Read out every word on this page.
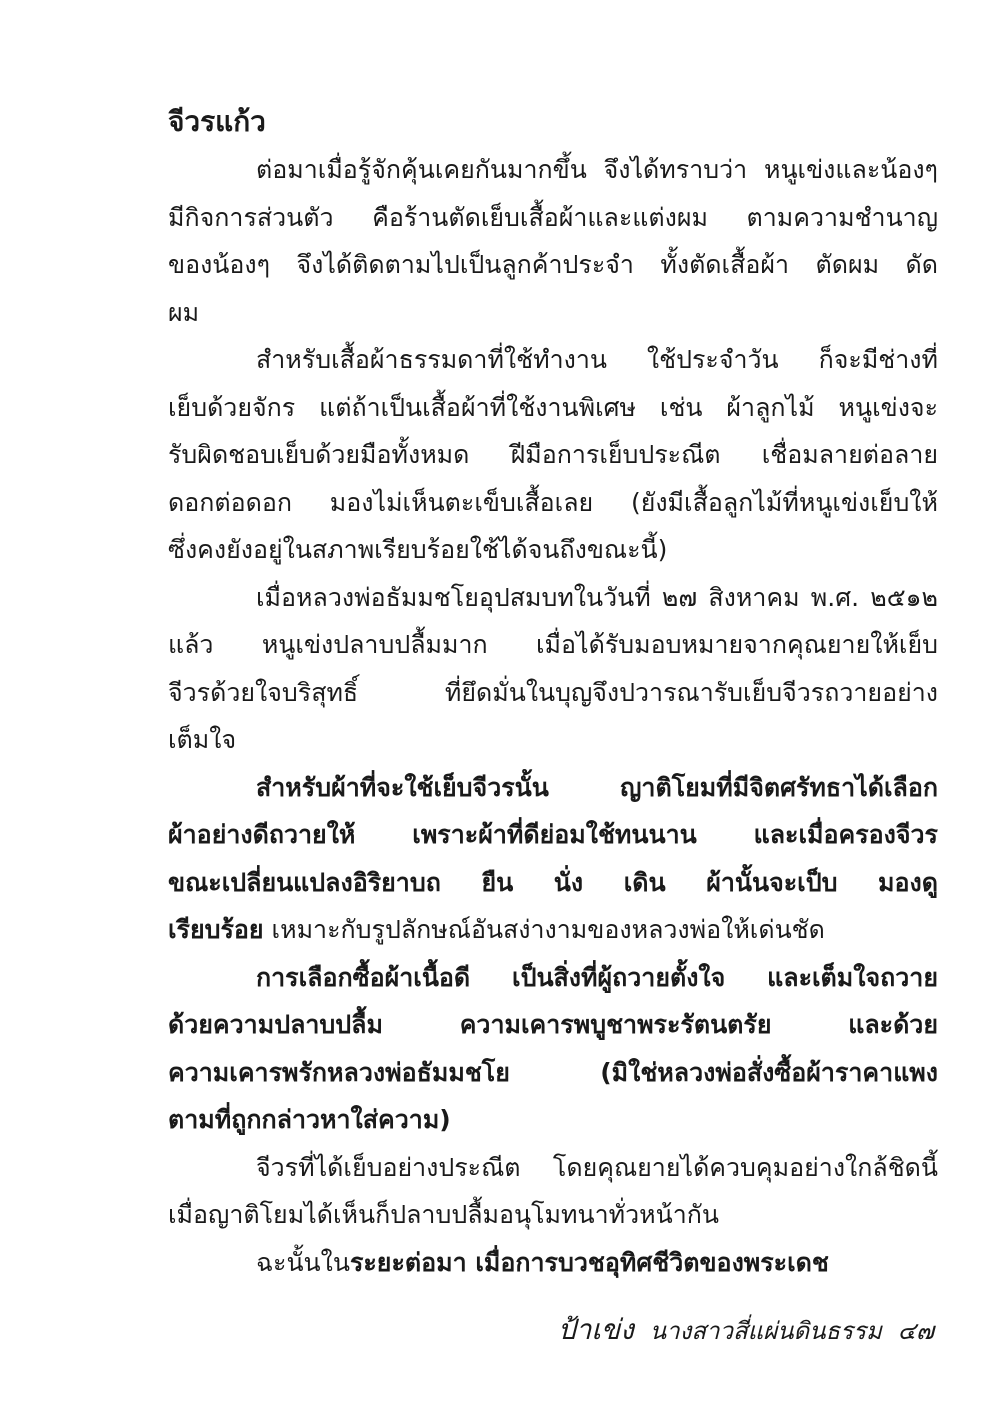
จีวรแก้ว

ต่อมาเมื่อรู้จักคุ้นเคยกันมากขึ้น จึงได้ทราบว่า หนูเข่งและน้องๆ
มีกิจการส่วนตัว คือร้านตัดเย็บเสื้อผ้าและแต่งผม ตามความชำนาญ
ของน้องๆ จึงได้ติดตามไปเป็นลูกค้าประจำ ทั้งตัดเสื้อผ้า ตัดผม ดัด
ผม

สำหรับเสื้อผ้าธรรมดาที่ใช้ทำงาน ใช้ประจำวัน ก็จะมีช่างที่
เย็บด้วยจักร แต่ถ้าเป็นเสื้อผ้าที่ใช้งานพิเศษ เช่น ผ้าลูกไม้ หนูเข่งจะ
รับผิดชอบเย็บด้วยมือทั้งหมด ฝีมือการเย็บประณีต เชื่อมลายต่อลาย
ดอกต่อดอก มองไม่เห็นตะเข็บเสื้อเลย (ยังมีเสื้อลูกไม้ที่หนูเข่งเย็บให้
ซึ่งคงยังอยู่ในสภาพเรียบร้อยใช้ได้จนถึงขณะนี้)

เมื่อหลวงพ่อธัมมชโยอุปสมบทในวันที่ ๒๗ สิงหาคม พ.ศ. ๒๕๑๒
แล้ว หนูเข่งปลาบปลื้มมาก เมื่อได้รับมอบหมายจากคุณยายให้เย็บ
จีวรด้วยใจบริสุทธิ์ ที่ยึดมั่นในบุญจึงปวารณารับเย็บจีวรถวายอย่าง
เต็มใจ

สำหรับผ้าที่จะใช้เย็บจีวรนั้น ญาติโยมที่มีจิตศรัทธาได้เลือก
ผ้าอย่างดีถวายให้ เพราะผ้าที่ดีย่อมใช้ทนนาน และเมื่อครองจีวร
ขณะเปลี่ยนแปลงอิริยาบถ ยืน นั่ง เดิน ผ้านั้นจะเป็บ มองดู
เรียบร้อย เหมาะกับรูปลักษณ์อันสง่างามของหลวงพ่อให้เด่นชัด

การเลือกซื้อผ้าเนื้อดี เป็นสิ่งที่ผู้ถวายตั้งใจ และเต็มใจถวาย
ด้วยความปลาบปลื้ม ความเคารพบูชาพระรัตนตรัย และด้วย
ความเคารพรักหลวงพ่อธัมมชโย (มิใช่หลวงพ่อสั่งซื้อผ้าราคาแพง
ตามที่ถูกกล่าวหาใส่ความ)

จีวรที่ได้เย็บอย่างประณีต โดยคุณยายได้ควบคุมอย่างใกล้ชิดนี้
เมื่อญาติโยมได้เห็นก็ปลาบปลื้มอนุโมทนาทั่วหน้ากัน

ฉะนั้นในระยะต่อมา เมื่อการบวชอุทิศชีวิตของพระเดช

ป้าเข่ง นางสาวสี่แผ่นดินธรรม ๔๗
